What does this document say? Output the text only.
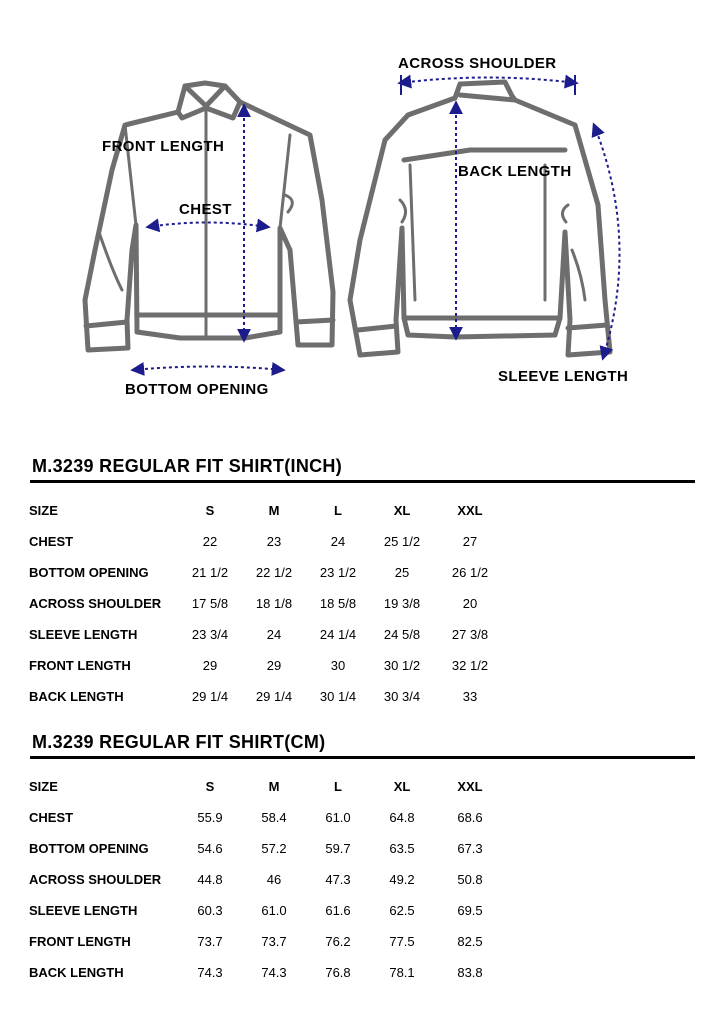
FRONT LENGTH
CHEST
BOTTOM OPENING
ACROSS SHOULDER
BACK LENGTH
SLEEVE LENGTH
M.3239 REGULAR FIT SHIRT(INCH)
M.3239 REGULAR FIT SHIRT(CM)
SIZE	S	M	L	XL	XXL
CHEST	22	23	24	25 1/2	27
BOTTOM OPENING	21 1/2	22 1/2	23 1/2	25	26 1/2
ACROSS SHOULDER	17 5/8	18 1/8	18 5/8	19 3/8	20
SLEEVE LENGTH	23 3/4	24	24 1/4	24 5/8	27 3/8
FRONT LENGTH	29	29	30	30 1/2	32 1/2
BACK LENGTH	29 1/4	29 1/4	30 1/4	30 3/4	33
SIZE	S	M	L	XL	XXL
CHEST	55.9	58.4	61.0	64.8	68.6
BOTTOM OPENING	54.6	57.2	59.7	63.5	67.3
ACROSS SHOULDER	44.8	46	47.3	49.2	50.8
SLEEVE LENGTH	60.3	61.0	61.6	62.5	69.5
FRONT LENGTH	73.7	73.7	76.2	77.5	82.5
BACK LENGTH	74.3	74.3	76.8	78.1	83.8
